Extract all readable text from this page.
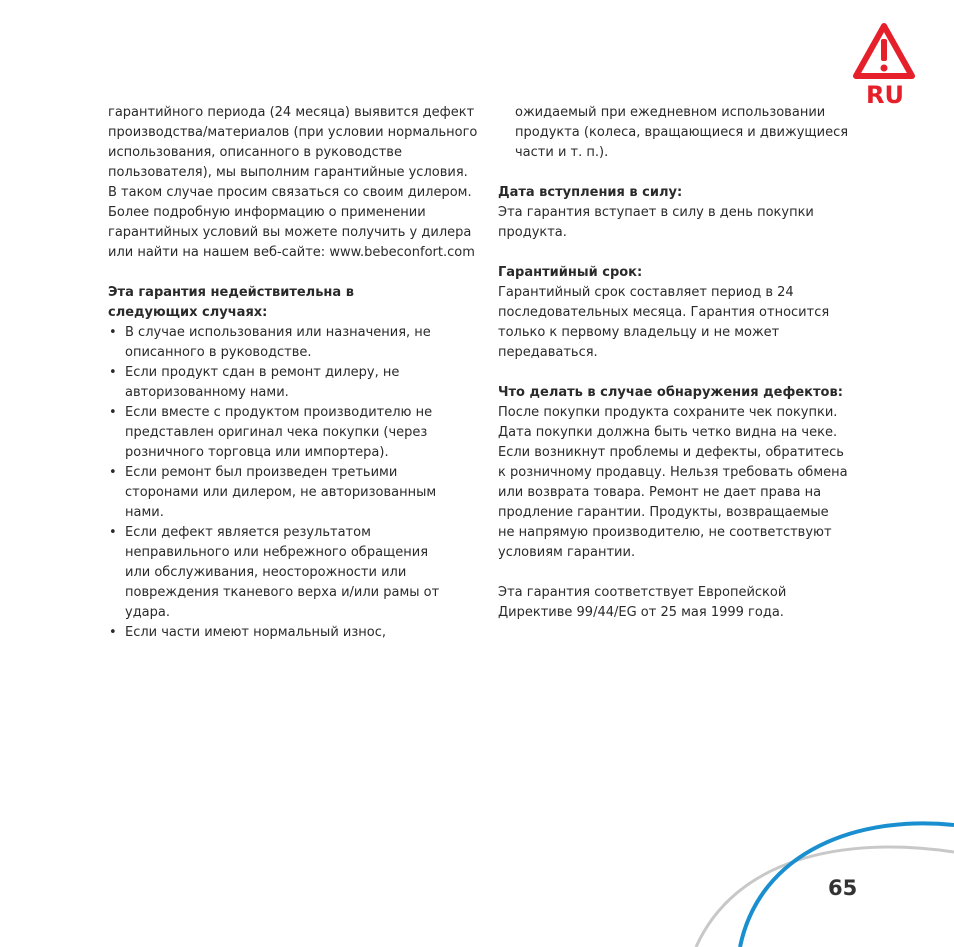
RU

гарантийного периода (24 месяца) выявится дефект

производства/материалов (при условии нормального

использования, описанного в руководстве

пользователя), мы выполним гарантийные условия.

В таком случае просим связаться со своим дилером.

Более подробную информацию о применении

гарантийных условий вы можете получить у дилера

или найти на нашем веб-сайте: www.bebeconfort.com

Эта гарантия недействительна в

следующих случаях:

• В случае использования или назначения, не
описанного в руководстве.
• Если продукт сдан в ремонт дилеру, не
авторизованному нами.
• Если вместе с продуктом производителю не
представлен оригинал чека покупки (через
розничного торговца или импортера).
• Если ремонт был произведен третьими
сторонами или дилером, не авторизованным
нами.
• Если дефект является результатом
неправильного или небрежного обращения
или обслуживания, неосторожности или
повреждения тканевого верха и/или рамы от
удара.
• Если части имеют нормальный износ,

ожидаемый при ежедневном использовании

продукта (колеса, вращающиеся и движущиеся

части и т. п.).

Дата вступления в силу:

Эта гарантия вступает в силу в день покупки

продукта.

Гарантийный срок:

Гарантийный срок составляет период в 24

последовательных месяца. Гарантия относится

только к первому владельцу и не может

передаваться.

Что делать в случае обнаружения дефектов:

После покупки продукта сохраните чек покупки.

Дата покупки должна быть четко видна на чеке.

Если возникнут проблемы и дефекты, обратитесь

к розничному продавцу. Нельзя требовать обмена

или возврата товара. Ремонт не дает права на

продление гарантии. Продукты, возвращаемые

не напрямую производителю, не соответствуют

условиям гарантии.

Эта гарантия соответствует Европейской

Директиве 99/44/EG от 25 мая 1999 года.

65
